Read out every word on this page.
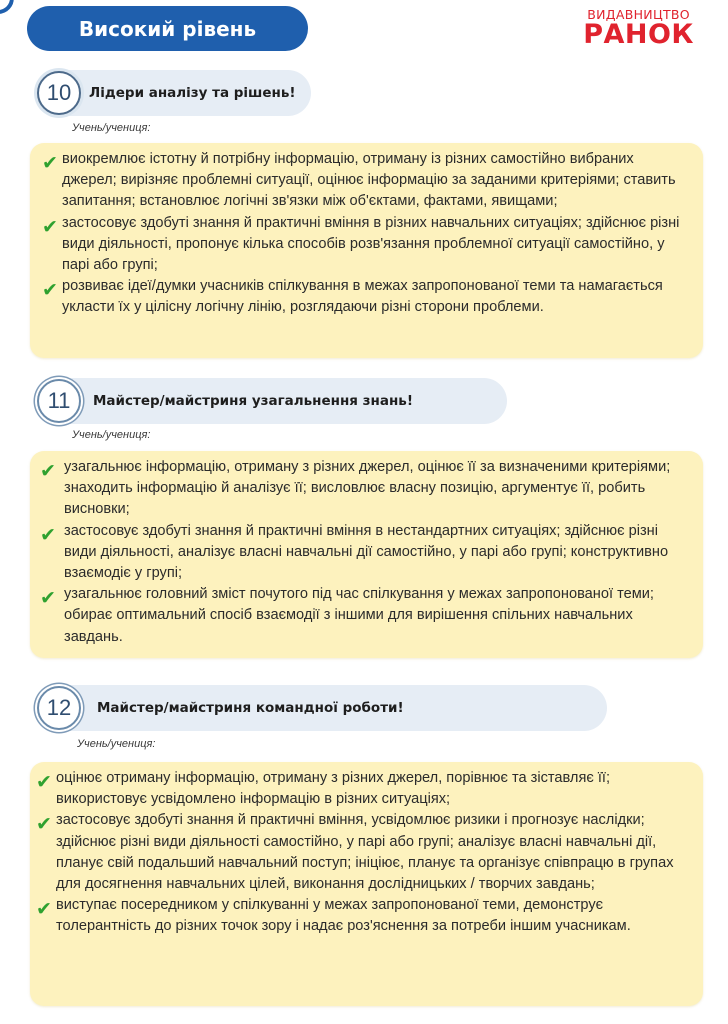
Високий рівень
ВИДАВНИЦТВО
РАНОК
10 Лідери аналізу та рішень!
Учень/учениця:
✔ виокремлює істотну й потрібну інформацію, отриману із різних самостійно вибраних джерел; вирізняє проблемні ситуації, оцінює інформацію за заданими критеріями; ставить запитання; встановлює логічні зв'язки між об'єктами, фактами, явищами;
✔ застосовує здобуті знання й практичні вміння в різних навчальних ситуаціях; здійснює різні види діяльності, пропонує кілька способів розв'язання проблемної ситуації самостійно, у парі або групі;
✔ розвиває ідеї/думки учасників спілкування в межах запропонованої теми та намагається укласти їх у цілісну логічну лінію, розглядаючи різні сторони проблеми.
11 Майстер/майстриня узагальнення знань!
Учень/учениця:
✔ узагальнює інформацію, отриману з різних джерел, оцінює її за визначеними критеріями; знаходить інформацію й аналізує її; висловлює власну позицію, аргументує її, робить висновки;
✔ застосовує здобуті знання й практичні вміння в нестандартних ситуаціях; здійснює різні види діяльності, аналізує власні навчальні дії самостійно, у парі або групі; конструктивно взаємодіє у групі;
✔ узагальнює головний зміст почутого під час спілкування у межах запропонованої теми; обирає оптимальний спосіб взаємодії з іншими для вирішення спільних навчальних завдань.
12 Майстер/майстриня командної роботи!
Учень/учениця:
✔ оцінює отриману інформацію, отриману з різних джерел, порівнює та зіставляє її; використовує усвідомлено інформацію в різних ситуаціях;
✔ застосовує здобуті знання й практичні вміння, усвідомлює ризики і прогнозує наслідки; здійснює різні види діяльності самостійно, у парі або групі; аналізує власні навчальні дії, планує свій подальший навчальний поступ; ініціює, планує та організує співпрацю в групах для досягнення навчальних цілей, виконання дослідницьких / творчих завдань;
✔ виступає посередником у спілкуванні у межах запропонованої теми, демонструє толерантність до різних точок зору і надає роз'яснення за потреби іншим учасникам.
